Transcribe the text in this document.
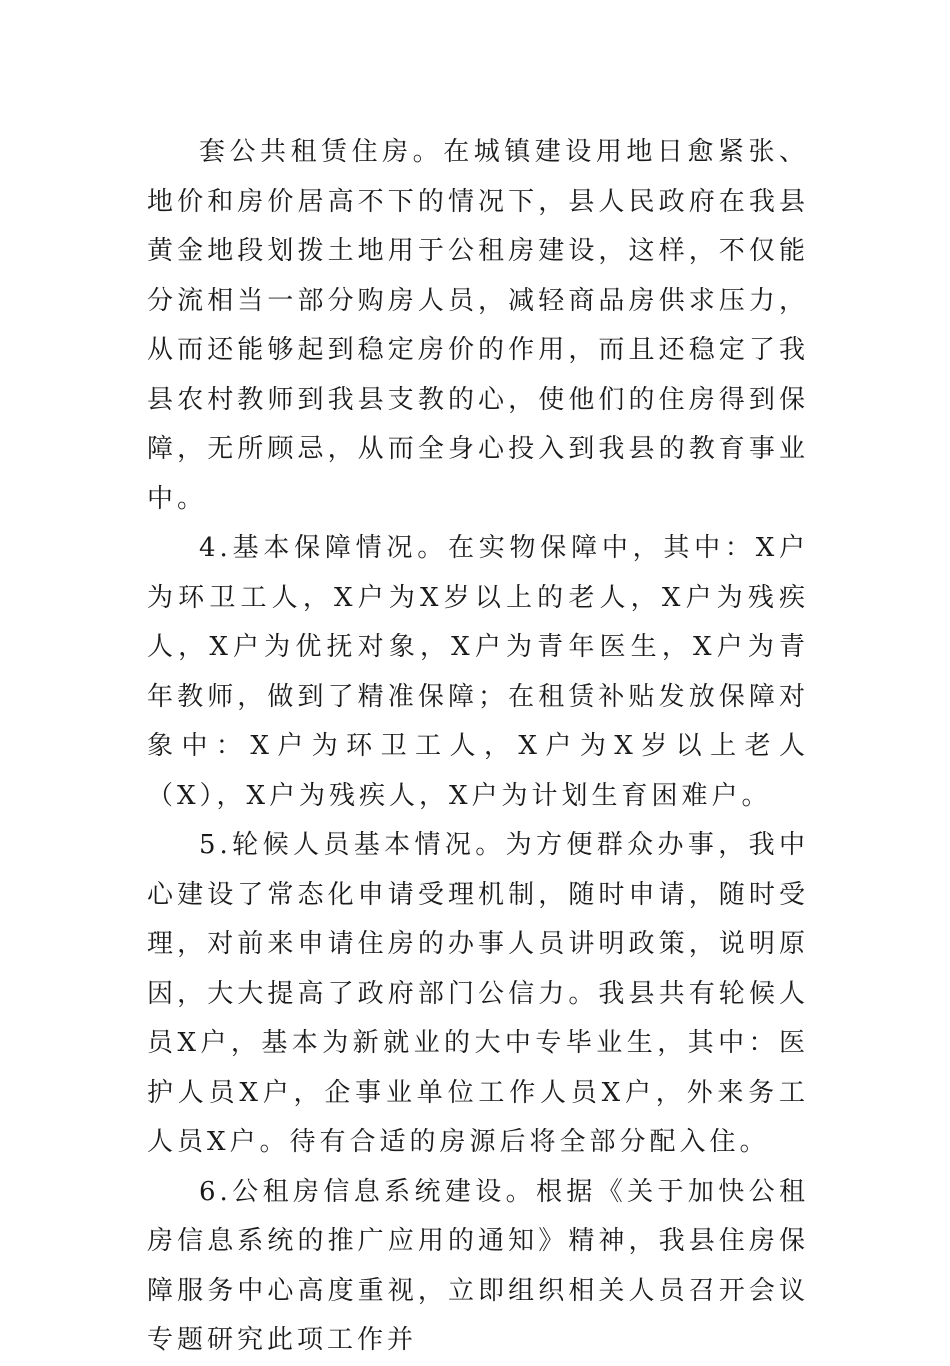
套公共租赁住房。在城镇建设用地日愈紧张、地价和房价居高不下的情况下，县人民政府在我县黄金地段划拨土地用于公租房建设，这样，不仅能分流相当一部分购房人员，减轻商品房供求压力，从而还能够起到稳定房价的作用，而且还稳定了我县农村教师到我县支教的心，使他们的住房得到保障，无所顾忌，从而全身心投入到我县的教育事业中。

4.基本保障情况。在实物保障中，其中：X户为环卫工人，X户为X岁以上的老人，X户为残疾人，X户为优抚对象，X户为青年医生，X户为青年教师，做到了精准保障；在租赁补贴发放保障对象中：X户为环卫工人，X户为X岁以上老人（X），X户为残疾人，X户为计划生育困难户。

5.轮候人员基本情况。为方便群众办事，我中心建设了常态化申请受理机制，随时申请，随时受理，对前来申请住房的办事人员讲明政策，说明原因，大大提高了政府部门公信力。我县共有轮候人员X户，基本为新就业的大中专毕业生，其中：医护人员X户，企事业单位工作人员X户，外来务工人员X户。待有合适的房源后将全部分配入住。

6.公租房信息系统建设。根据《关于加快公租房信息系统的推广应用的通知》精神，我县住房保障服务中心高度重视，立即组织相关人员召开会议专题研究此项工作并
